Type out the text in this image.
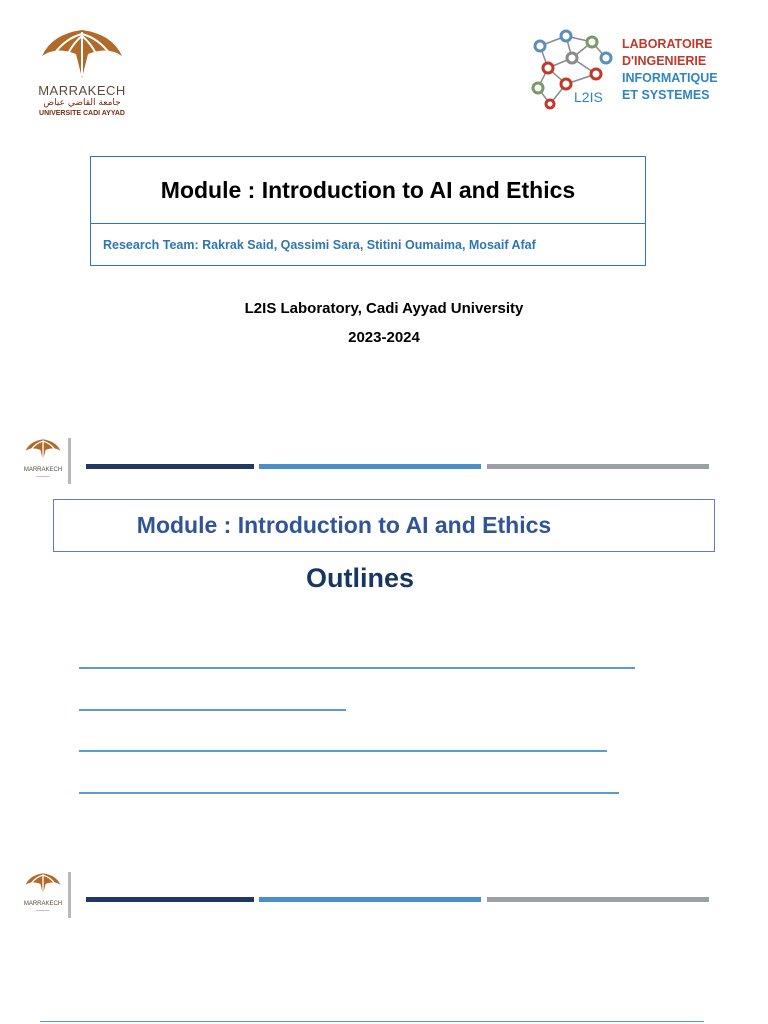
MARRAKECH
جامعة القاضي عياض
UNIVERSITE CADI AYYAD
L2IS
LABORATOIRE
D'INGENIERIE
INFORMATIQUE
ET SYSTEMES
Module : Introduction to AI and Ethics
Research Team: Rakrak Said, Qassimi Sara, Stitini Oumaima, Mosaif Afaf
L2IS Laboratory, Cadi Ayyad University
2023-2024
MARRAKECH
———
Module : Introduction to AI and Ethics
Outlines
MARRAKECH
———
